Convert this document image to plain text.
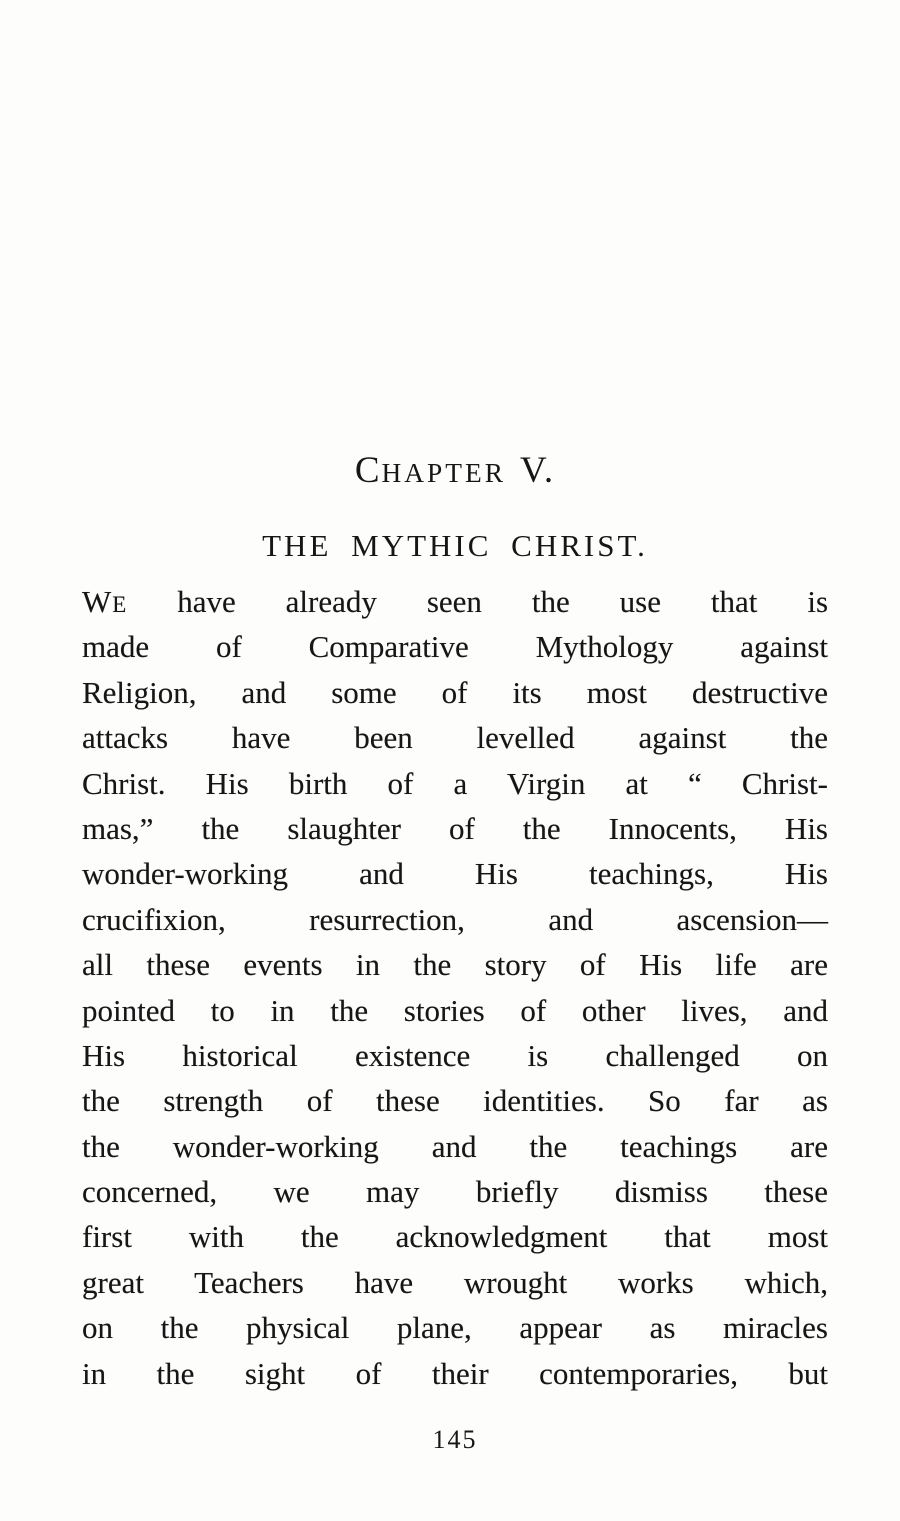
CHAPTER V.
THE MYTHIC CHRIST.
WE have already seen the use that is
made of Comparative Mythology against
Religion, and some of its most destructive
attacks have been levelled against the
Christ. His birth of a Virgin at “ Christ-
mas,” the slaughter of the Innocents, His
wonder-working and His teachings, His
crucifixion, resurrection, and ascension—
all these events in the story of His life are
pointed to in the stories of other lives, and
His historical existence is challenged on
the strength of these identities. So far as
the wonder-working and the teachings are
concerned, we may briefly dismiss these
first with the acknowledgment that most
great Teachers have wrought works which,
on the physical plane, appear as miracles
in the sight of their contemporaries, but
145
